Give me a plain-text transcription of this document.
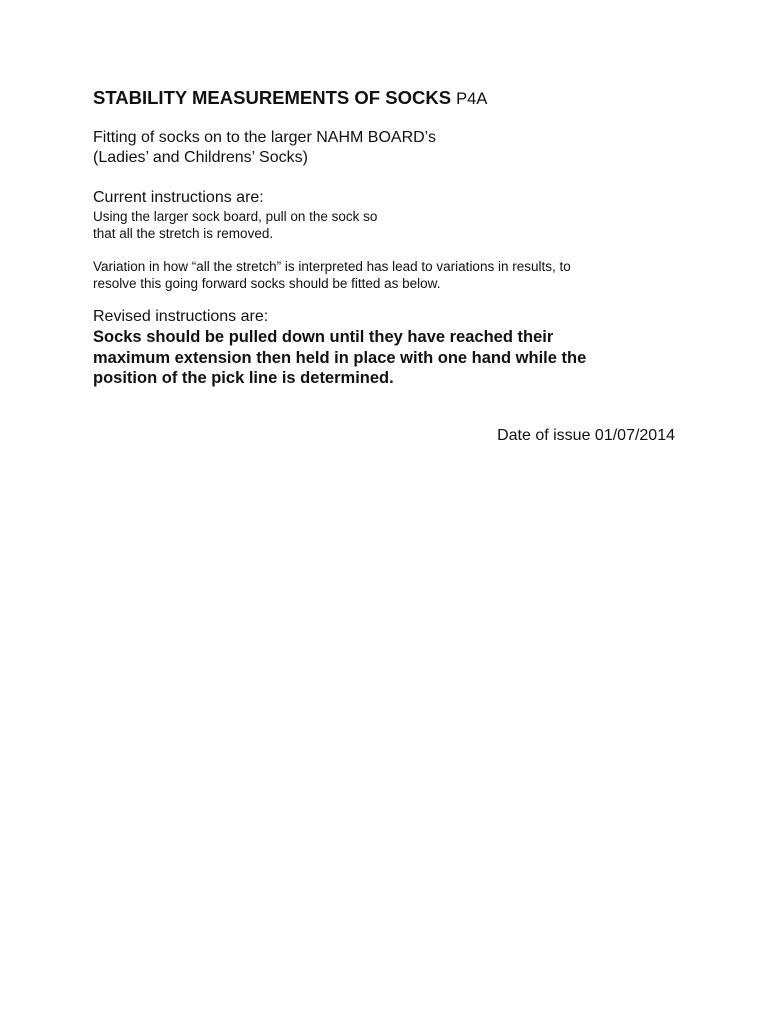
STABILITY MEASUREMENTS OF SOCKS P4A
Fitting of socks on to the larger NAHM BOARD’s
(Ladies’ and Childrens’ Socks)
Current instructions are:
Using the larger sock board, pull on the sock so
that all the stretch is removed.
Variation in how “all the stretch” is interpreted has lead to variations in results, to
resolve this going forward socks should be fitted as below.
Revised instructions are:
Socks should be pulled down until they have reached their
maximum extension then held in place with one hand while the
position of the pick line is determined.
Date of issue 01/07/2014
